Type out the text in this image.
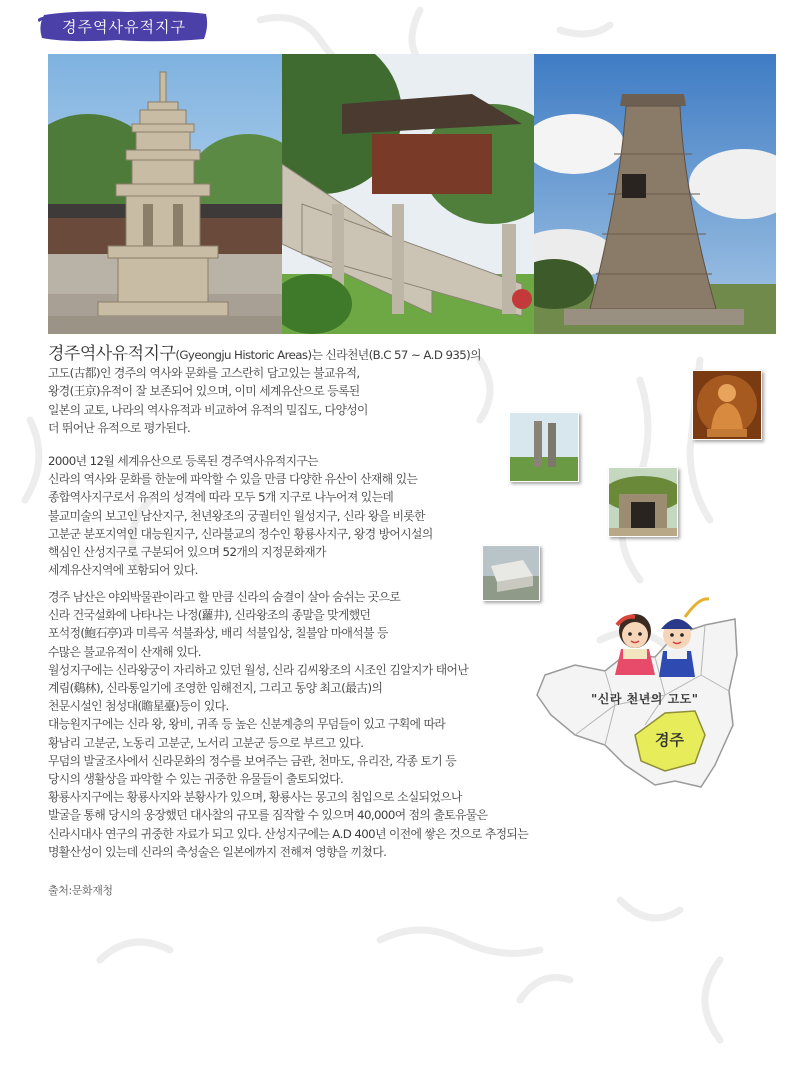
경주역사유적지구

경주역사유적지구(Gyeongju Historic Areas)는 신라천년(B.C 57 ~ A.D 935)의

고도(古都)인 경주의 역사와 문화를 고스란히 담고있는 불교유적,

왕경(王京)유적이 잘 보존되어 있으며, 이미 세계유산으로 등록된

일본의 교토, 나라의 역사유적과 비교하여 유적의 밀집도, 다양성이

더 뛰어난 유적으로 평가된다.

2000년 12월 세계유산으로 등록된 경주역사유적지구는

신라의 역사와 문화를 한눈에 파악할 수 있을 만큼 다양한 유산이 산재해 있는

종합역사지구로서 유적의 성격에 따라 모두 5개 지구로 나누어져 있는데

불교미술의 보고인 남산지구, 천년왕조의 궁궐터인 월성지구, 신라 왕을 비롯한

고분군 분포지역인 대능원지구, 신라불교의 정수인 황룡사지구, 왕경 방어시설의

핵심인 산성지구로 구분되어 있으며 52개의 지정문화재가

세계유산지역에 포함되어 있다.

경주 남산은 야외박물관이라고 할 만큼 신라의 숨결이 살아 숨쉬는 곳으로

신라 건국설화에 나타나는 나정(蘿井), 신라왕조의 종말을 맞게했던

포석정(鮑石亭)과 미륵곡 석불좌상, 배리 석불입상, 칠불암 마애석불 등

수많은 불교유적이 산재해 있다.

월성지구에는 신라왕궁이 자리하고 있던 월성, 신라 김씨왕조의 시조인 김알지가 태어난

계림(鷄林), 신라통일기에 조영한 임해전지, 그리고 동양 최고(最古)의

천문시설인 첨성대(瞻星臺)등이 있다.

대능원지구에는 신라 왕, 왕비, 귀족 등 높은 신분계층의 무덤들이 있고 구획에 따라

황남리 고분군, 노동리 고분군, 노서리 고분군 등으로 부르고 있다.

무덤의 발굴조사에서 신라문화의 정수를 보여주는 금관, 천마도, 유리잔, 각종 토기 등

당시의 생활상을 파악할 수 있는 귀중한 유물들이 출토되었다.

황룡사지구에는 황룡사지와 분황사가 있으며, 황룡사는 몽고의 침입으로 소실되었으나

발굴을 통해 당시의 웅장했던 대사찰의 규모를 짐작할 수 있으며 40,000여 점의 출토유물은

신라시대사 연구의 귀중한 자료가 되고 있다. 산성지구에는 A.D 400년 이전에 쌓은 것으로 추정되는

명활산성이 있는데 신라의 축성술은 일본에까지 전해져 영향을 끼쳤다.

"신라 천년의 고도"
경주
출처:문화재청
